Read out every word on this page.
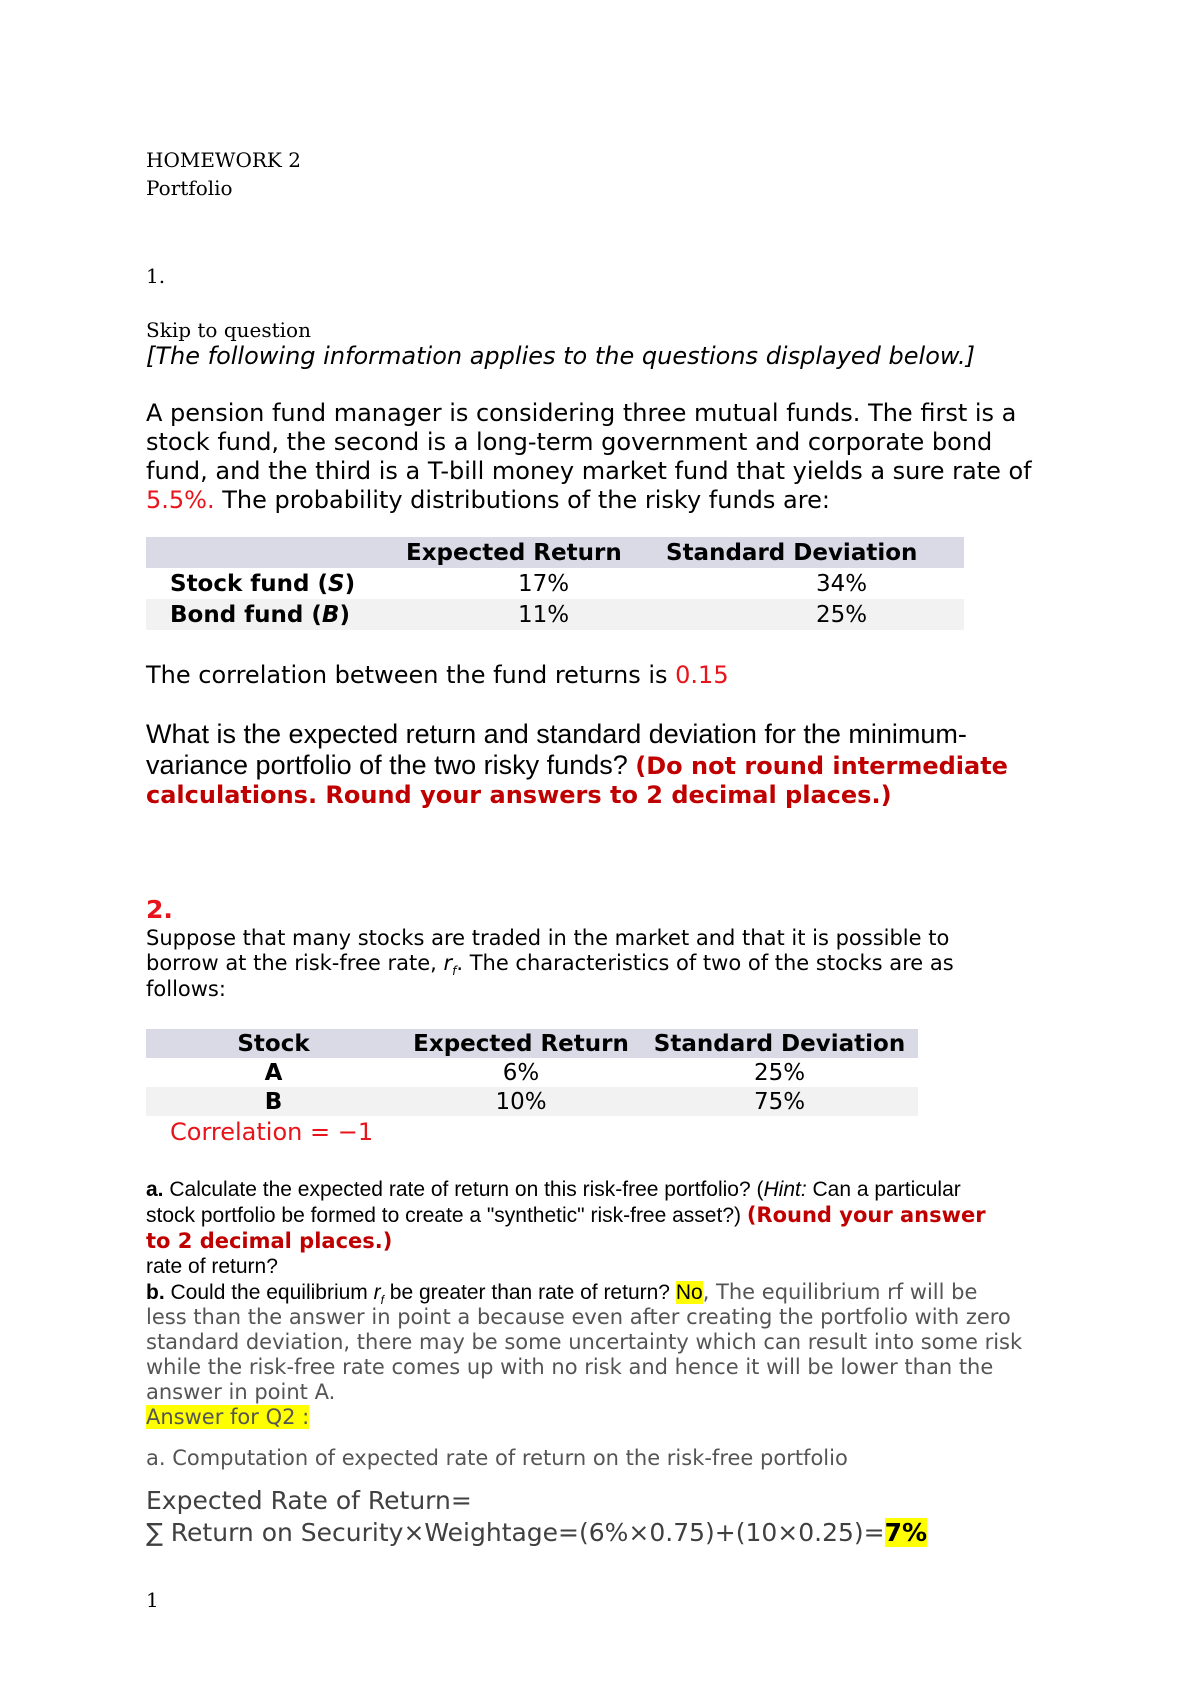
HOMEWORK 2
Portfolio
1.
Skip to question
[The following information applies to the questions displayed below.]
A pension fund manager is considering three mutual funds. The first is a
stock fund, the second is a long-term government and corporate bond
fund, and the third is a T-bill money market fund that yields a sure rate of
5.5%. The probability distributions of the risky funds are:
	Expected Return	Standard Deviation
Stock fund (S)	17%	34%
Bond fund (B)	11%	25%
The correlation between the fund returns is 0.15
What is the expected return and standard deviation for the minimum-
variance portfolio of the two risky funds? (Do not round intermediate
calculations. Round your answers to 2 decimal places.)
2.
Suppose that many stocks are traded in the market and that it is possible to
borrow at the risk-free rate, $r_f$. The characteristics of two of the stocks are as
follows:
Stock	Expected Return	Standard Deviation
A	6%	25%
B	10%	75%
Correlation = −1
a. Calculate the expected rate of return on this risk-free portfolio? (Hint: Can a particular
stock portfolio be formed to create a "synthetic" risk-free asset?) (Round your answer
to 2 decimal places.)
rate of return?
b. Could the equilibrium $r_f$ be greater than rate of return? No, The equilibrium rf will be
less than the answer in point a because even after creating the portfolio with zero
standard deviation, there may be some uncertainty which can result into some risk
while the risk-free rate comes up with no risk and hence it will be lower than the
answer in point A.
Answer for Q2 :
a. Computation of expected rate of return on the risk-free portfolio
Expected Rate of Return=
∑ Return on Security×Weightage=(6%×0.75)+(10×0.25)=7%
1
